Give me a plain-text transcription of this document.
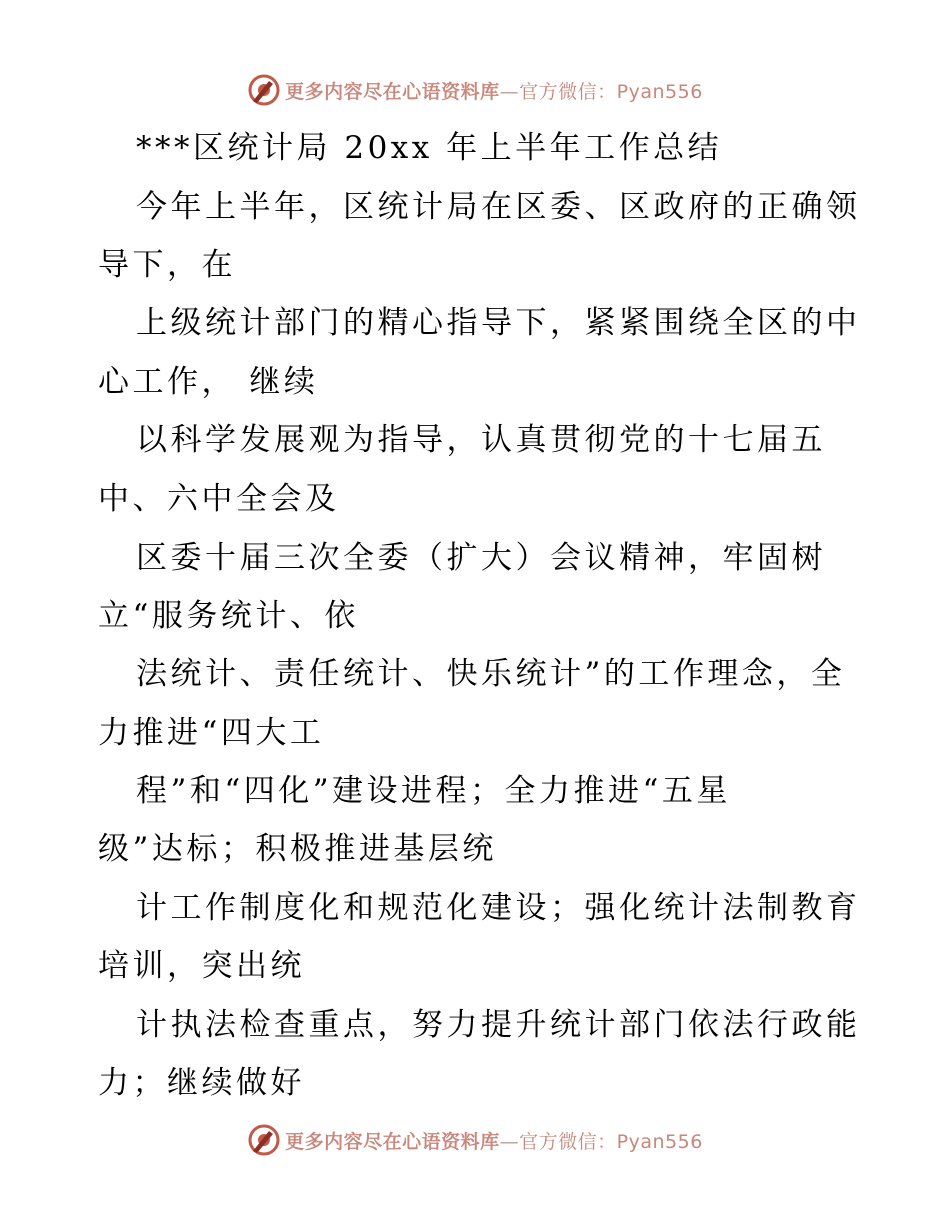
更多内容尽在心语资料库—官方微信：Pyan556

***区统计局 20xx 年上半年工作总结

今年上半年，区统计局在区委、区政府的正确领

导下，在

上级统计部门的精心指导下，紧紧围绕全区的中

心工作， 继续

以科学发展观为指导，认真贯彻党的十七届五

中、六中全会及

区委十届三次全委（扩大）会议精神，牢固树

立“服务统计、依

法统计、责任统计、快乐统计”的工作理念，全

力推进“四大工

程”和“四化”建设进程；全力推进“五星

级”达标；积极推进基层统

计工作制度化和规范化建设；强化统计法制教育

培训，突出统

计执法检查重点，努力提升统计部门依法行政能

力；继续做好

更多内容尽在心语资料库—官方微信：Pyan556
